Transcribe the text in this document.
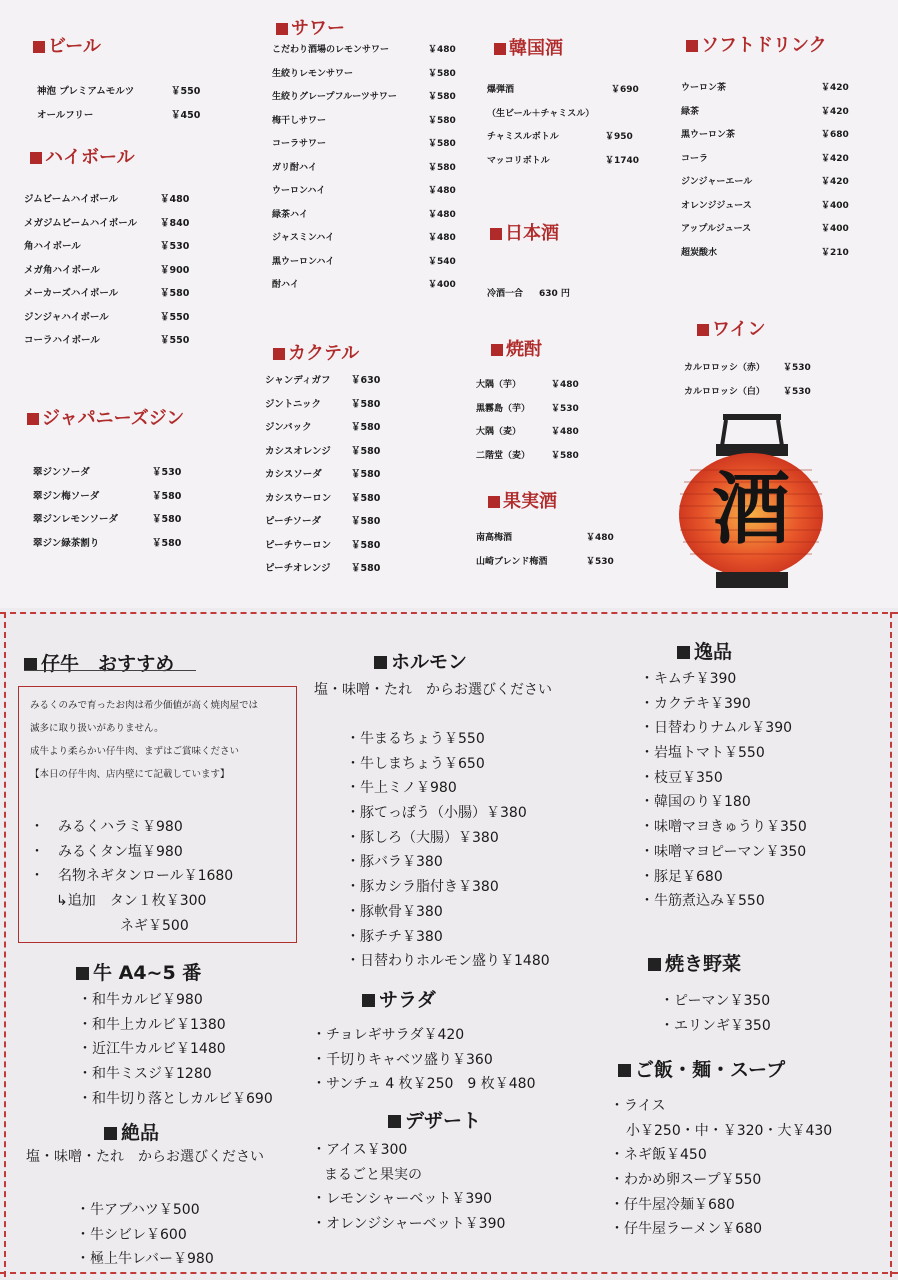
ビール
神泡 プレミアムモルツ	￥550
オールフリー	￥450
ハイボール
ジムビームハイボール	￥480
メガジムビームハイボール ￥840
角ハイボール	￥530
メガ角ハイボール	￥900
メーカーズハイボール	￥580
ジンジャハイボール	￥550
コーラハイボール	￥550
ジャパニーズジン
翠ジンソーダ	￥530
翠ジン梅ソーダ	￥580
翠ジンレモンソーダ	￥580
翠ジン緑茶割り	￥580
サワー
こだわり酒場のレモンサワー	￥480
生絞りレモンサワー	￥580
生絞りグレープフルーツサワー	￥580
梅干しサワー	￥580
コーラサワー	￥580
ガリ酎ハイ	￥580
ウーロンハイ	￥480
緑茶ハイ	￥480
ジャスミンハイ	￥480
黒ウーロンハイ	￥540
酎ハイ	￥400
カクテル
シャンディガフ ￥630
ジントニック	￥580
ジンバック	￥580
カシスオレンジ ￥580
カシスソーダ	￥580
カシスウーロン ￥580
ピーチソーダ	￥580
ピーチウーロン ￥580
ピーチオレンジ ￥580
韓国酒
爆弾酒	￥690
（生ビール＋チャミスル）
チャミスルボトル	￥950
マッコリボトル	￥1740
日本酒
冷酒一合 630 円
焼酎
大隅（芋）	￥480
黒霧島（芋） ￥530
大隅（麦）	￥480
二階堂（麦） ￥580
果実酒
南高梅酒	￥480
山崎ブレンド梅酒	￥530
ソフトドリンク
ウーロン茶	￥420
緑茶	￥420
黒ウーロン茶	￥680
コーラ	￥420
ジンジャーエール	￥420
オレンジジュース	￥400
アップルジュース	￥400
超炭酸水	￥210
ワイン
カルロロッシ（赤） ￥530
カルロロッシ（白） ￥530
酒
仔牛　おすすめ
みるくのみで育ったお肉は希少価値が高く焼肉屋では
滅多に取り扱いがありません。
成牛より柔らかい仔牛肉、まずはご賞味ください
【本日の仔牛肉、店内壁にて記載しています】
・　みるくハラミ￥980
・　みるくタン塩￥980
・　名物ネギタンロール￥1680
↳追加　タン１枚￥300
ネギ￥500
牛 A4~5 番
・和牛カルビ￥980
・和牛上カルビ￥1380
・近江牛カルビ￥1480
・和牛ミスジ￥1280
・和牛切り落としカルビ￥690
絶品
塩・味噌・たれ　からお選びください
・牛アブハツ￥500
・牛シビレ￥600
・極上牛レバー￥980
ホルモン
塩・味噌・たれ　からお選びください
・牛まるちょう￥550
・牛しまちょう￥650
・牛上ミノ￥980
・豚てっぽう（小腸）￥380
・豚しろ（大腸）￥380
・豚バラ￥380
・豚カシラ脂付き￥380
・豚軟骨￥380
・豚チチ￥380
・日替わりホルモン盛り￥1480
サラダ
・チョレギサラダ￥420
・千切りキャベツ盛り￥360
・サンチュ 4 枚￥250　9 枚￥480
デザート
・アイス￥300
まるごと果実の
・レモンシャーベット￥390
・オレンジシャーベット￥390
逸品
・キムチ￥390
・カクテキ￥390
・日替わりナムル￥390
・岩塩トマト￥550
・枝豆￥350
・韓国のり￥180
・味噌マヨきゅうり￥350
・味噌マヨピーマン￥350
・豚足￥680
・牛筋煮込み￥550
焼き野菜
・ピーマン￥350
・エリンギ￥350
ご飯・麺・スープ
・ライス
小￥250・中・￥320・大￥430
・ネギ飯￥450
・わかめ卵スープ￥550
・仔牛屋冷麺￥680
・仔牛屋ラーメン￥680
